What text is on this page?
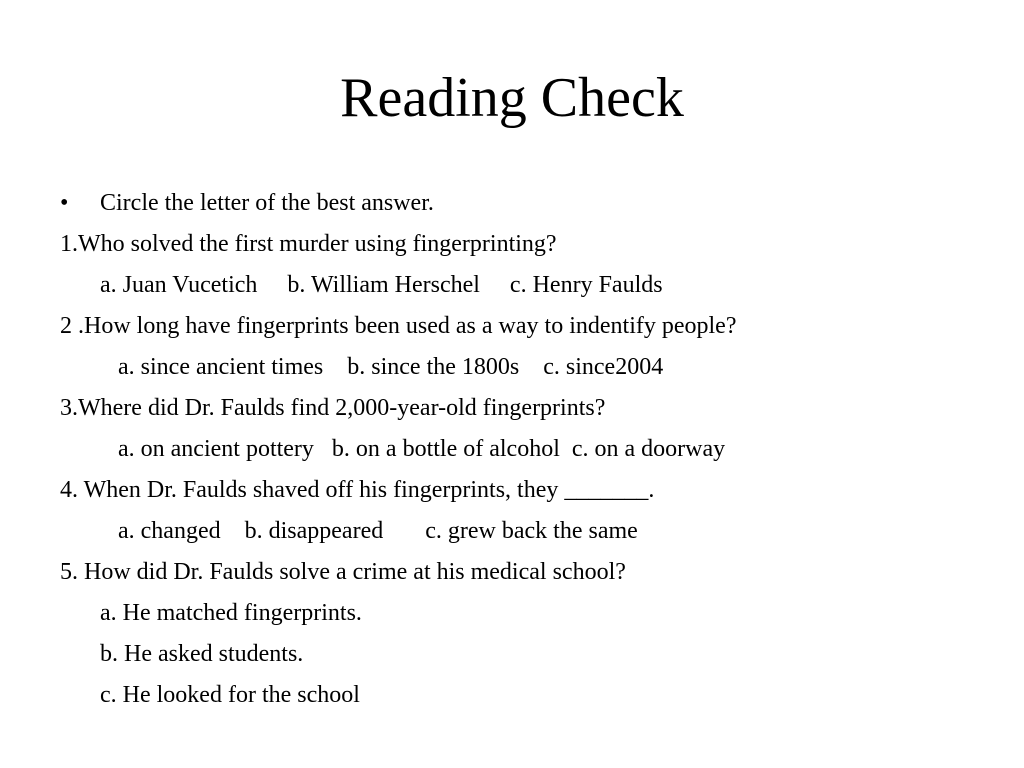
Reading Check
• Circle the letter of the best answer.
1.Who solved the first murder using fingerprinting?
a. Juan Vucetich     b. William Herschel     c. Henry Faulds
2 .How long have fingerprints been used as a way to indentify people?
a. since ancient times    b. since the 1800s    c. since2004
3.Where did Dr. Faulds find 2,000-year-old fingerprints?
a. on ancient pottery   b. on a bottle of alcohol  c. on a doorway
4. When Dr. Faulds shaved off his fingerprints, they _______.
a. changed    b. disappeared       c. grew back the same
5. How did Dr. Faulds solve a crime at his medical school?
a. He matched fingerprints.
b. He asked students.
c. He looked for the school
